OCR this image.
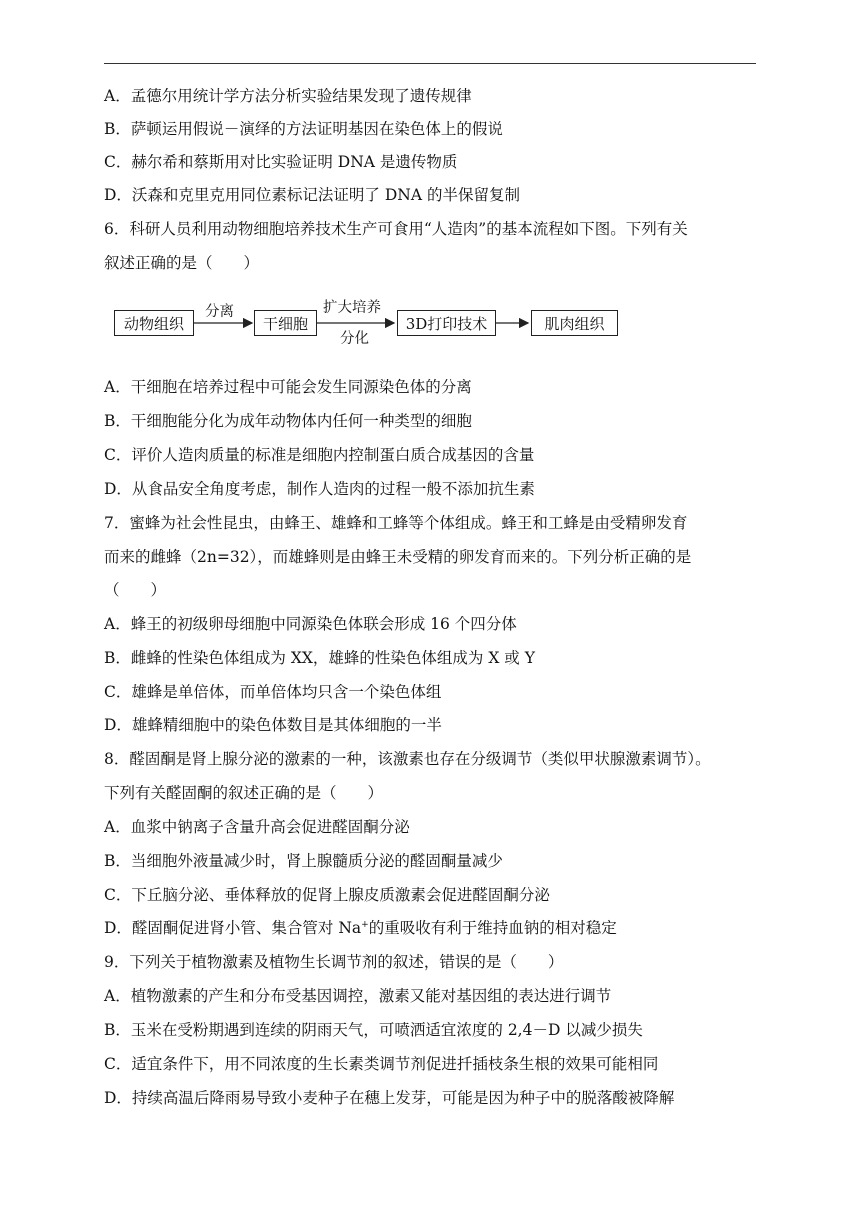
A．孟德尔用统计学方法分析实验结果发现了遗传规律
B．萨顿运用假说－演绎的方法证明基因在染色体上的假说
C．赫尔希和蔡斯用对比实验证明 DNA 是遗传物质
D．沃森和克里克用同位素标记法证明了 DNA 的半保留复制
6．科研人员利用动物细胞培养技术生产可食用“人造肉”的基本流程如下图。下列有关
叙述正确的是（　　）
动物组织
分离
干细胞
扩大培养
分化
3D打印技术	肌肉组织
A．干细胞在培养过程中可能会发生同源染色体的分离
B．干细胞能分化为成年动物体内任何一种类型的细胞
C．评价人造肉质量的标准是细胞内控制蛋白质合成基因的含量
D．从食品安全角度考虑，制作人造肉的过程一般不添加抗生素
7．蜜蜂为社会性昆虫，由蜂王、雄蜂和工蜂等个体组成。蜂王和工蜂是由受精卵发育
而来的雌蜂（2n=32），而雄蜂则是由蜂王未受精的卵发育而来的。下列分析正确的是
（　　）
A．蜂王的初级卵母细胞中同源染色体联会形成 16 个四分体
B．雌蜂的性染色体组成为 XX，雄蜂的性染色体组成为 X 或 Y
C．雄蜂是单倍体，而单倍体均只含一个染色体组
D．雄蜂精细胞中的染色体数目是其体细胞的一半
8．醛固酮是肾上腺分泌的激素的一种，该激素也存在分级调节（类似甲状腺激素调节）。
下列有关醛固酮的叙述正确的是（　　）
A．血浆中钠离子含量升高会促进醛固酮分泌
B．当细胞外液量减少时，肾上腺髓质分泌的醛固酮量减少
C．下丘脑分泌、垂体释放的促肾上腺皮质激素会促进醛固酮分泌
D．醛固酮促进肾小管、集合管对 Na+的重吸收有利于维持血钠的相对稳定
9．下列关于植物激素及植物生长调节剂的叙述，错误的是（　　）
A．植物激素的产生和分布受基因调控，激素又能对基因组的表达进行调节
B．玉米在受粉期遇到连续的阴雨天气，可喷洒适宜浓度的 2,4－D 以减少损失
C．适宜条件下，用不同浓度的生长素类调节剂促进扦插枝条生根的效果可能相同
D．持续高温后降雨易导致小麦种子在穗上发芽，可能是因为种子中的脱落酸被降解
